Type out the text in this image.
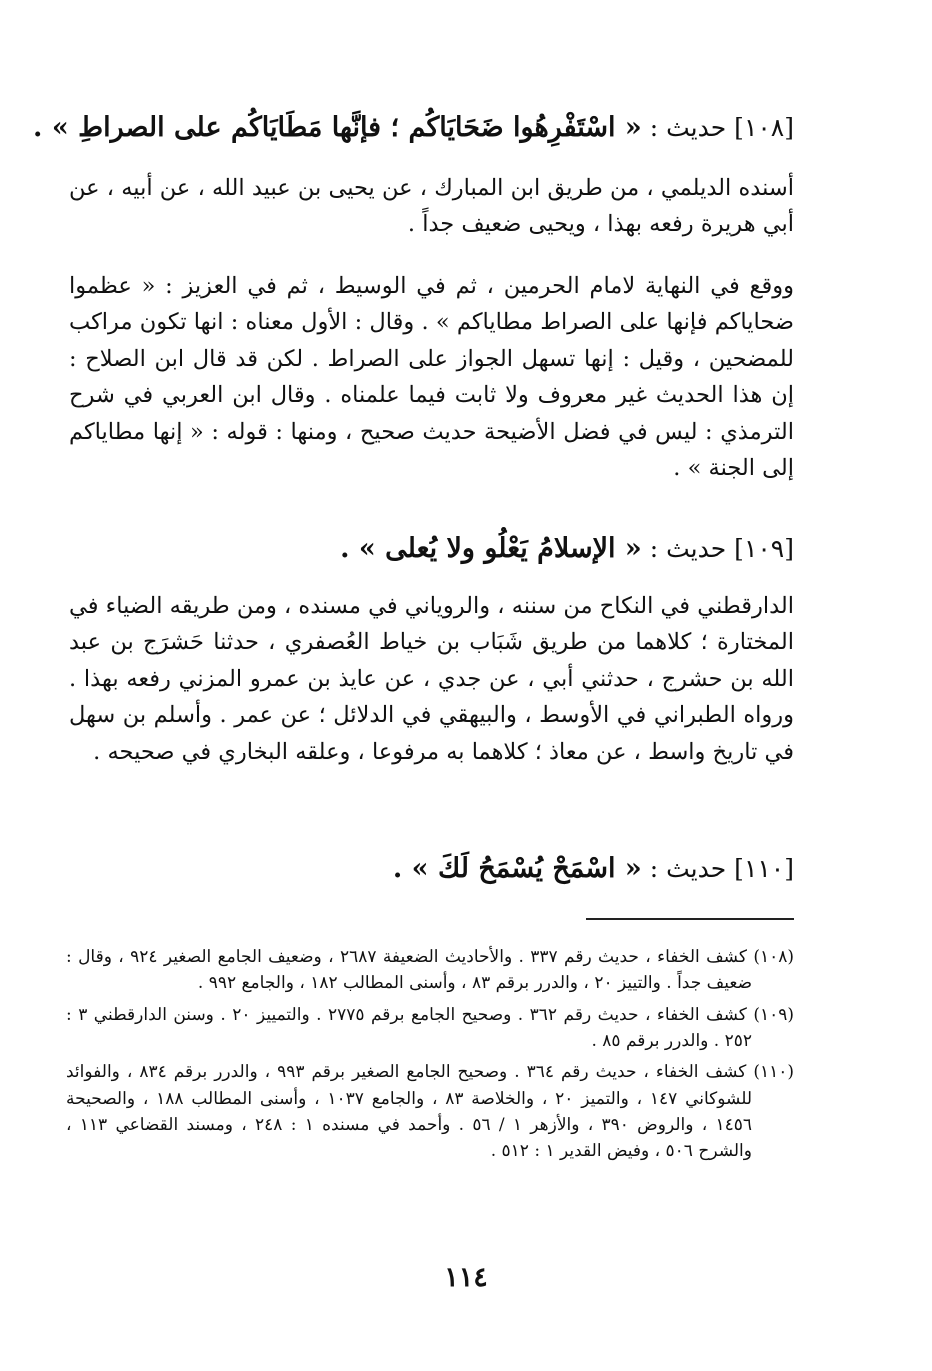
[١٠٨] حديث : « اسْتَفْرِهُوا ضَحَايَاكُم ؛ فإنَّها مَطَايَاكُم على الصراطِ » .

أسنده الديلمي ، من طريق ابن المبارك ، عن يحيى بن عبيد الله ، عن أبيه ، عن أبي هريرة رفعه بهذا ، ويحيى ضعيف جداً .

ووقع في النهاية لامام الحرمين ، ثم في الوسيط ، ثم في العزيز : « عظموا ضحاياكم فإنها على الصراط مطاياكم » . وقال : الأول معناه : انها تكون مراكب للمضحين ، وقيل : إنها تسهل الجواز على الصراط . لكن قد قال ابن الصلاح : إن هذا الحديث غير معروف ولا ثابت فيما علمناه . وقال ابن العربي في شرح الترمذي : ليس في فضل الأضيحة حديث صحيح ، ومنها : قوله : « إنها مطاياكم إلى الجنة » .

[١٠٩] حديث : « الإسلامُ يَعْلُو ولا يُعلى » .

الدارقطني في النكاح من سننه ، والروياني في مسنده ، ومن طريقه الضياء في المختارة ؛ كلاهما من طريق شَبَاب بن خياط العُصفري ، حدثنا حَشرَج بن عبد الله بن حشرج ، حدثني أبي ، عن جدي ، عن عايذ بن عمرو المزني رفعه بهذا . ورواه الطبراني في الأوسط ، والبيهقي في الدلائل ؛ عن عمر . وأسلم بن سهل في تاريخ واسط ، عن معاذ ؛ كلاهما به مرفوعا ، وعلقه البخاري في صحيحه .

[١١٠] حديث : « اسْمَحْ يُسْمَحُ لَكَ » .
(١٠٨) كشف الخفاء ، حديث رقم ٣٣٧ . والأحاديث الضعيفة ٢٦٨٧ ، وضعيف الجامع الصغير ٩٢٤ ، وقال : ضعيف جداً . والتييز ٢٠ ، والدرر برقم ٨٣ ، وأسنى المطالب ١٨٢ ، والجامع ٩٩٢ .
(١٠٩) كشف الخفاء ، حديث رقم ٣٦٢ . وصحيح الجامع برقم ٢٧٧٥ . والتمييز ٢٠ . وسنن الدارقطني ٣ : ٢٥٢ . والدرر برقم ٨٥ .
(١١٠) كشف الخفاء ، حديث رقم ٣٦٤ . وصحيح الجامع الصغير برقم ٩٩٣ ، والدرر برقم ٨٣٤ ، والفوائد للشوكاني ١٤٧ ، والتميز ٢٠ ، والخلاصة ٨٣ ، والجامع ١٠٣٧ ، وأسنى المطالب ١٨٨ ، والصحيحة ١٤٥٦ ، والروض ٣٩٠ ، والأزهر ١ / ٥٦ . وأحمد في مسنده ١ : ٢٤٨ ، ومسند القضاعي ١١٣ ، والشرح ٥٠٦ ، وفيض القدير ١ : ٥١٢ .
١١٤
